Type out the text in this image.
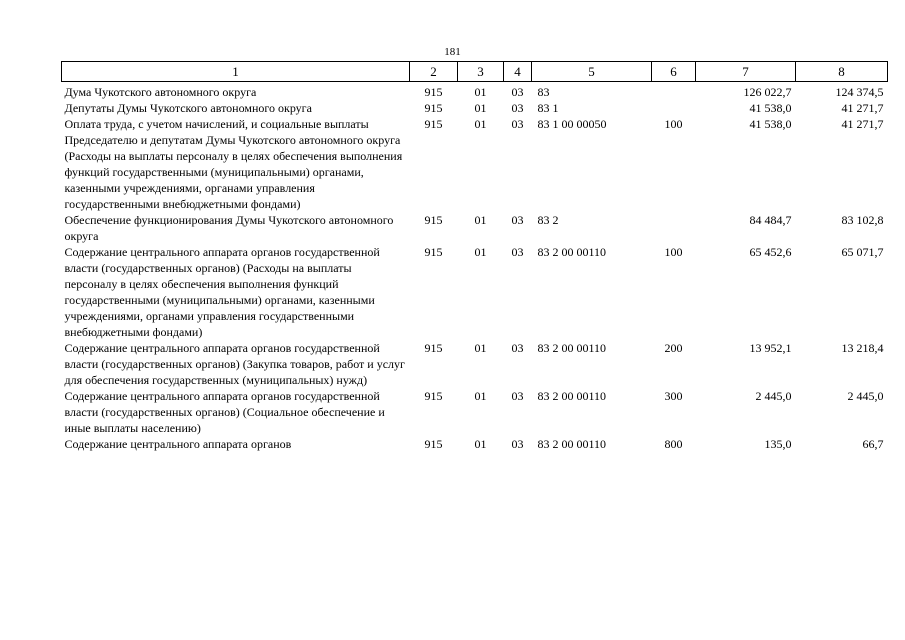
181
1	2	3	4	5	6	7	8
Дума Чукотского автономного округа	915	01	03	83		126 022,7	124 374,5
Депутаты Думы Чукотского автономного округа	915	01	03	83 1		41 538,0	41 271,7
Оплата труда, с учетом начислений, и социальные выплаты Председателю и депутатам Думы Чукотского автономного округа (Расходы на выплаты персоналу в целях обеспечения выполнения функций государственными (муниципальными) органами, казенными учреждениями, органами управления государственными внебюджетными фондами)	915	01	03	83 1 00 00050	100	41 538,0	41 271,7
Обеспечение функционирования Думы Чукотского автономного округа	915	01	03	83 2		84 484,7	83 102,8
Содержание центрального аппарата органов государственной власти (государственных органов) (Расходы на выплаты персоналу в целях обеспечения выполнения функций государственными (муниципальными) органами, казенными учреждениями, органами управления государственными внебюджетными фондами)	915	01	03	83 2 00 00110	100	65 452,6	65 071,7
Содержание центрального аппарата органов государственной власти (государственных органов) (Закупка товаров, работ и услуг для обеспечения государственных (муниципальных) нужд)	915	01	03	83 2 00 00110	200	13 952,1	13 218,4
Содержание центрального аппарата органов государственной власти (государственных органов) (Социальное обеспечение и иные выплаты населению)	915	01	03	83 2 00 00110	300	2 445,0	2 445,0
Содержание центрального аппарата органов	915	01	03	83 2 00 00110	800	135,0	66,7
